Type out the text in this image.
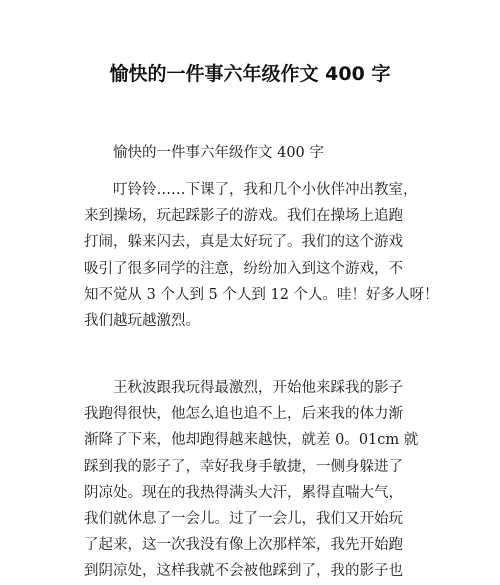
愉快的一件事六年级作文 400 字
愉快的一件事六年级作文 400 字

叮铃铃……下课了，我和几个小伙伴冲出教室，
来到操场，玩起踩影子的游戏。我们在操场上追跑
打闹，躲来闪去，真是太好玩了。我们的这个游戏
吸引了很多同学的注意，纷纷加入到这个游戏，不
知不觉从 3 个人到 5 个人到 12 个人。哇！好多人呀！
我们越玩越激烈。

王秋波跟我玩得最激烈，开始他来踩我的影子
我跑得很快，他怎么追也追不上，后来我的体力渐
渐降了下来，他却跑得越来越快，就差 0。01cm 就
踩到我的影子了，幸好我身手敏捷，一侧身躲进了
阴凉处。现在的我热得满头大汗，累得直喘大气，
我们就休息了一会儿。过了一会儿，我们又开始玩
了起来，这一次我没有像上次那样笨，我先开始跑
到阴凉处，这样我就不会被他踩到了，我的影子也
